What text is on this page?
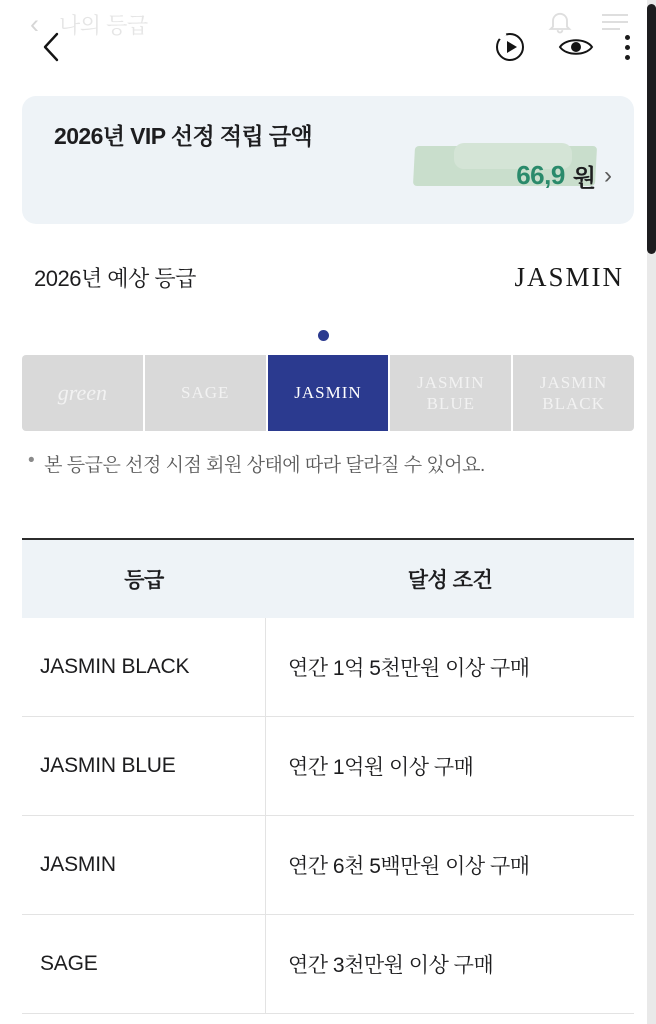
‹ 나의 등급
2026년 VIP 선정 적립 금액
66,9 원 ›
2026년 예상 등급	JASMIN
green	SAGE	JASMIN
JASMIN
BLUE
JASMIN
BLACK
• 본 등급은 선정 시점 회원 상태에 따라 달라질 수 있어요.
등급	달성 조건
JASMIN BLACK	연간 1억 5천만원 이상 구매
JASMIN BLUE	연간 1억원 이상 구매
JASMIN	연간 6천 5백만원 이상 구매
SAGE	연간 3천만원 이상 구매
